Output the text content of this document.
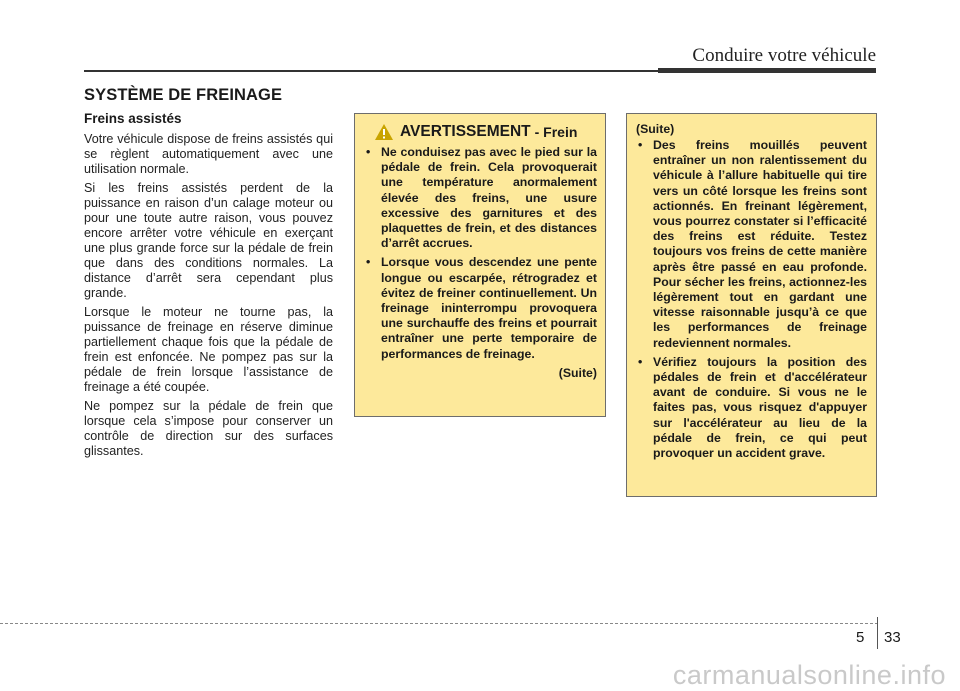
Conduire votre véhicule
SYSTÈME DE FREINAGE
Freins assistés

Votre véhicule dispose de freins assistés qui se règlent automatiquement avec une utilisation normale.

Si les freins assistés perdent de la puissance en raison d’un calage moteur ou pour une toute autre raison, vous pouvez encore arrêter votre véhicule en exerçant une plus grande force sur la pédale de frein que dans des conditions normales. La distance d’arrêt sera cependant plus grande.

Lorsque le moteur ne tourne pas, la puissance de freinage en réserve diminue partiellement chaque fois que la pédale de frein est enfoncée. Ne pompez pas sur la pédale de frein lorsque l’assistance de freinage a été coupée.

Ne pompez sur la pédale de frein que lorsque cela s’impose pour conserver un contrôle de direction sur des surfaces glissantes.

AVERTISSEMENT - Frein
• Ne conduisez pas avec le pied sur la pédale de frein. Cela provoquerait une température anormalement élevée des freins, une usure excessive des garnitures et des plaquettes de frein, et des distances d’arrêt accrues.
• Lorsque vous descendez une pente longue ou escarpée, rétrogradez et évitez de freiner continuellement. Un freinage ininterrompu provoquera une surchauffe des freins et pourrait entraîner une perte temporaire de performances de freinage.
(Suite)
(Suite)
• Des freins mouillés peuvent entraîner un non ralentissement du véhicule à l’allure habituelle qui tire vers un côté lorsque les freins sont actionnés. En freinant légèrement, vous pourrez constater si l’efficacité des freins est réduite. Testez toujours vos freins de cette manière après être passé en eau profonde. Pour sécher les freins, actionnez-les légèrement tout en gardant une vitesse raisonnable jusqu’à ce que les performances de freinage redeviennent normales.
• Vérifiez toujours la position des pédales de frein et d'accélérateur avant de conduire. Si vous ne le faites pas, vous risquez d'appuyer sur l'accélérateur au lieu de la pédale de frein, ce qui peut provoquer un accident grave.
5 33
carmanualsonline.info
